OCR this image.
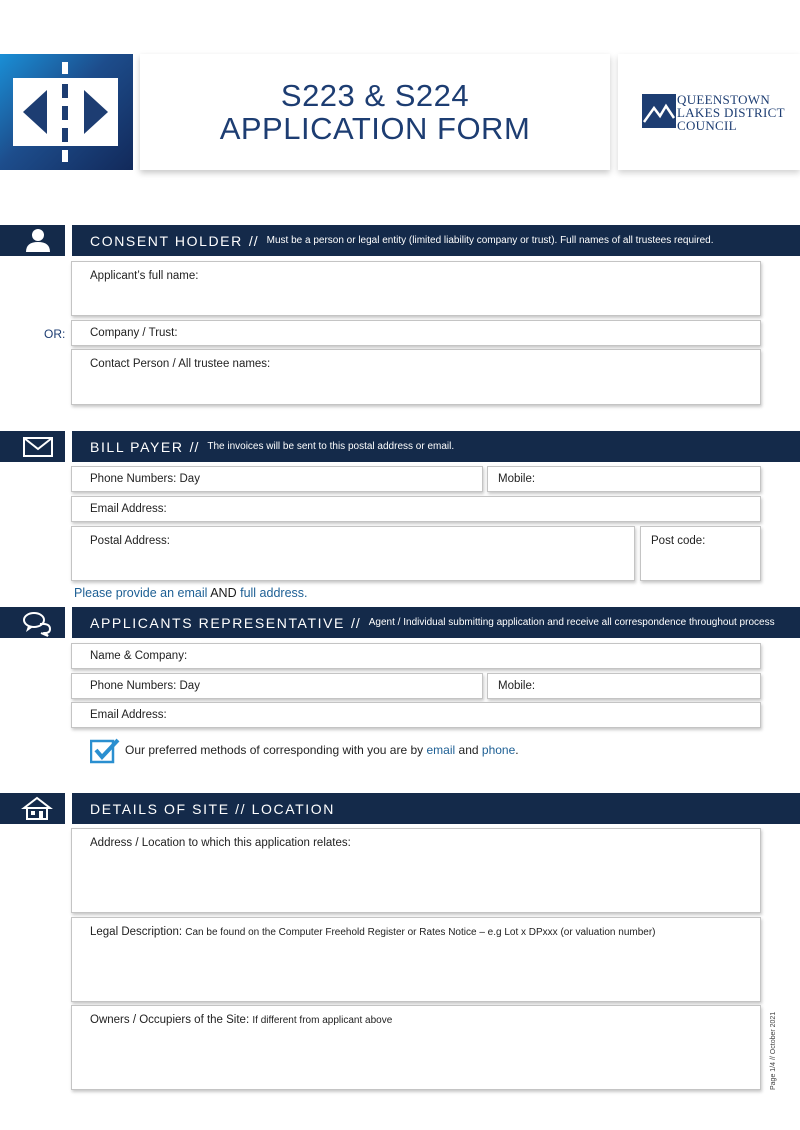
S223 & S224
APPLICATION FORM
QUEENSTOWN
LAKES DISTRICT
COUNCIL
CONSENT HOLDER // Must be a person or legal entity (limited liability company or trust). Full names of all trustees required.
Applicant’s full name:
OR: Company / Trust:
Contact Person / All trustee names:
BILL PAYER // The invoices will be sent to this postal address or email.
Phone Numbers: Day	Mobile:
Email Address:
Postal Address:	Post code:
Please provide an email AND full address.
APPLICANTS REPRESENTATIVE // Agent / Individual submitting application and receive all correspondence throughout process
Name & Company:
Phone Numbers: Day	Mobile:
Email Address:
Our preferred methods of corresponding with you are by email and phone.
DETAILS OF SITE // LOCATION
Address / Location to which this application relates:
Legal Description: Can be found on the Computer Freehold Register or Rates Notice – e.g Lot x DPxxx (or valuation number)
Owners / Occupiers of the Site: If different from applicant above	Page 1/4 // October 2021
